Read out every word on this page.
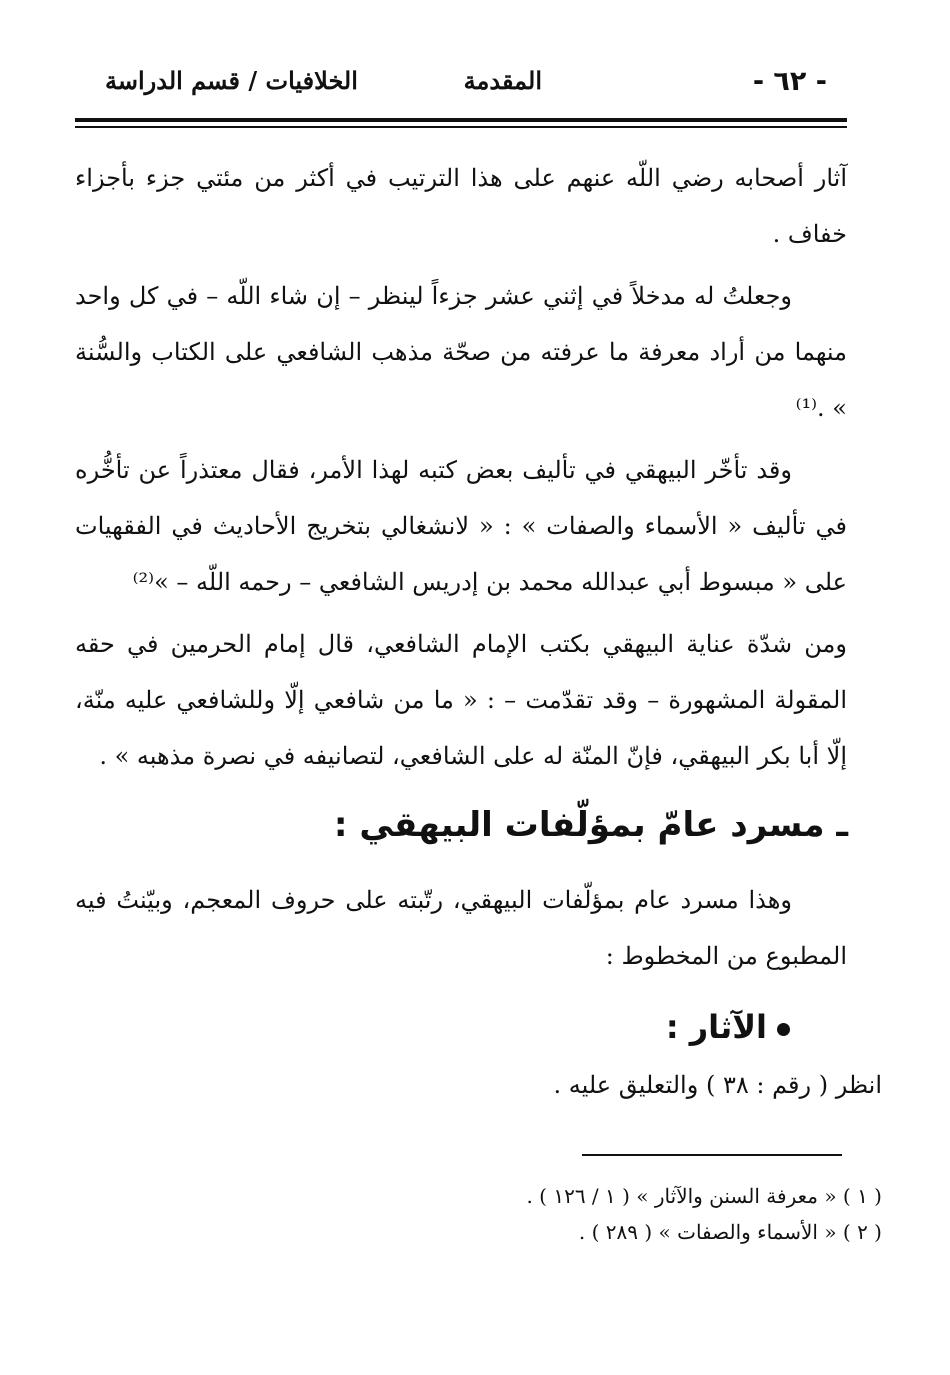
- ٦٢ -
المقدمة
الخلافيات / قسم الدراسة

آثار أصحابه رضي اللّه عنهم على هذا الترتيب في أكثر من مئتي جزء بأجزاء خفاف .

وجعلتُ له مدخلاً في إثني عشر جزءاً لينظر – إن شاء اللّه – في كل واحد منهما من أراد معرفة ما عرفته من صحّة مذهب الشافعي على الكتاب والسُّنة » .⁽¹⁾

وقد تأخّر البيهقي في تأليف بعض كتبه لهذا الأمر، فقال معتذراً عن تأخُّره في تأليف « الأسماء والصفات » : « لانشغالي بتخريج الأحاديث في الفقهيات على « مبسوط أبي عبدالله محمد بن إدريس الشافعي – رحمه اللّه – »⁽²⁾

ومن شدّة عناية البيهقي بكتب الإمام الشافعي، قال إمام الحرمين في حقه المقولة المشهورة – وقد تقدّمت – : « ما من شافعي إلّا وللشافعي عليه منّة، إلّا أبا بكر البيهقي، فإنّ المنّة له على الشافعي، لتصانيفه في نصرة مذهبه » .

ـ مسرد عامّ بمؤلّفات البيهقي :

وهذا مسرد عام بمؤلّفات البيهقي، رتّبته على حروف المعجم، وبيّنتُ فيه المطبوع من المخطوط :

الآثار :
انظر ( رقم : ٣٨ ) والتعليق عليه .
( ١ ) « معرفة السنن والآثار » ( ١ / ١٢٦ ) .
( ٢ ) « الأسماء والصفات » ( ٢٨٩ ) .
